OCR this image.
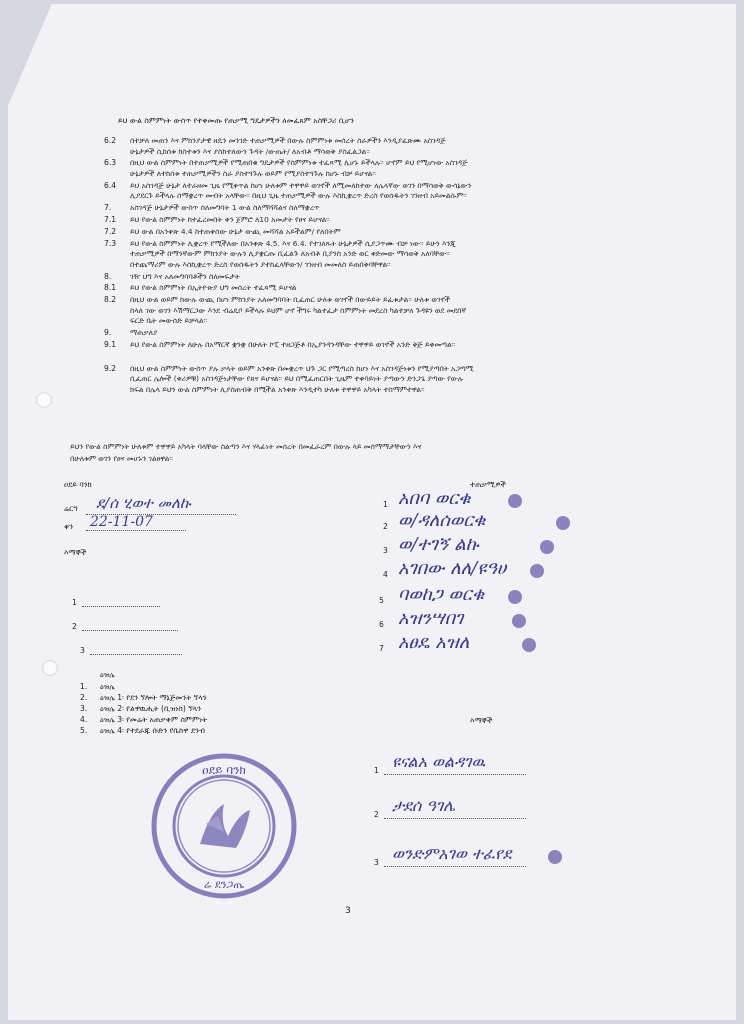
ይህ ውል ስምምነት ውስጥ የተቀመጡ የጠቃሚ ግዴታዎችን ለመፈጸም አስቸጋሪ ቢሆን
6.2 በተቻለ መጠን እና ምክንያታዊ ዘዴን መንገድ ተጠቃሚዎች በውሉ ስምምነቱ መሰረት ስራዎችን እንዲያፈጽሙ አስገዳጅ
ሁኔታዎች ሲከሰቱ ክስተቱን እና ያስከተለውን ጉዳት /ውጤት/ ለአብቶ ማሳወቅ ያስፈልጋል፡፡
6.3 በዚህ ውል ስምምነት በተጠቃሚዎች የሚጠበቁ ግዴታዎች የስምምነቱ ተፈጻሚ ሊሆኑ ይችላሉ፡፡ ሆኖም ይህ የሚሆነው አስገዳጅ
ሁኔታዎች ለተከሰቱ ተጠቃሚዎችን ስራ ያስተጓጉሉ ወይም የሚያስተጓጉሉ ከሆኑ ብቻ ይሆናል፡፡
6.4 ይህ አስገዳጅ ሁኔታ ለተራዘመ ጊዜ የሚቀጥል ከሆነ ሁለቱም ተዋዋይ ወገኖች ለሚመለከተው ለሌላኛው ወገን በማሳወቅ ውሳኔውን
ሊያደርጉ ይችላሉ ሰማቋረጥ መብት አላቸው፡፡ በዚህ ጊዜ ተጠቃሚዎች ውሉ እስኪቋረጥ ድረስ የወሰዱትን ገንዘብ አይመልሱም፡፡
7.	አስገዳጅ ሁኔታዎች ውስጥ ስለመግባት 1 ውል ስለማሻሻልና ስለማቋረጥ
7.1 ይህ የውል ስምምነት ከተፈረመበት ቀን ጀምሮ ለ10 አመታት የፀና ይሆናል፡፡
7.2 ይህ ውል በአንቀጽ 4.4 ከተጠቀሰው ሁኔታ ውጪ መሻሻል አይችልም/ የለበትም
7.3 ይህ የውል ስምምነት ሊቋረጥ የሚችለው በአንቀጽ 4.5. እና 6.4. የተገለጹት ሁኔታዎች ሲያጋጥሙ ብቻ ነው፡፡ ይሁን እንጂ
ተጠቃሚዎች በማንኛውም ምክንያት ውሉን ሊያቋርጡ ቢፈልጉ ለአብቶ ቢያንስ አንድ ወር ቀድመው ማሳወቅ አለባቸው፡፡
በተጨማሪም ውሉ እስኪቋረጥ ድረስ የወሰዱትን ያተከፈላቸውን/ ገንዘብ መመለስ ይጠበቅባቸዋል፡፡
8.	ገዥ ህግ እና አለመግባባቶችን ስለመፍታት
8.1 ይህ የውል ስምምነት በኢትዮጵያ ህግ መሰረት ተፈጻሚ ይሆናል
8.2 በዚህ ውል ወይም ከውሉ ውጪ በሆነ ምክንያት አለመግባባት ቢፈጠር ሁለቱ ወገኖች በውይይት ይፈቱታል፡፡ ሁለቱ ወገኖች
ስላለ ገው ወገን እሽማርጋው እንደ ብሬዴቦ ይችላሉ ይህም ሆኖ ችግሩ ካልተፈታ ስምምነት መደረስ ካልተቻለ ጉዳዩን ወደ መደበኛ
ፍርድ ቤት መውሰድ ይቻላል፡፡
9.	ማጠቃለያ
9.1 ይህ የውል ስምምነት ለሁሉ በአማርኛ ቋንቋ በሁለት ኮፒ ተዘጋጅቶ በኢያንዳንዳቸው ተዋዋይ ወገኖች አንድ ቅጅ ይቀመጣል፡፡
9.2 በዚህ ውል ስምምነት ውስጥ ያሉ ቃላት ወይም አንቀጽ በመቋረጥ ህጉ ጋር የሚጣረስ ከሆነ እና አስገዳጅነቱን የሚያጣበት አጋጣሚ
ቢፈጠር ሌሎች (ቀሪዎቹ) አስገዳጅነታቸው የጸና ይሆናል፡፡ ይህ በሚፈጠርበት ጊዜም ተቀባይነት ያጣውን ድንጋጌ ያጣው የውሉ
ክፍል በሌላ ይህን ውል ስምምነት ሊያስጠብቅ በሚችል አንቀጽ እንዲተካ ሁለቱ ተዋዋይ አካላት ተስማምተዋል፡፡
ይህን የውል ስምምነት ሁለቱም ተዋዋይ አካላት ባላቸው ስልጣን እና ሃላፊነት መሰረት በመፈራረም በውሉ ላይ መስማማታቸውን እና
በሁለቱም ወገን የፀና መሆኑን ገልፀዋል፡፡
ዐደይ ባንክ
ሬርግ ደ/ሰ ሂወተ መለኩ
ቀን 22-11-07
እማኞች
1
2
3
ተጠቃሚዎች
1 አበባ ወርቁ
2 ወ/ዳለሰወርቁ
3 ወ/ተገኝ ልኩ
4 አገበው ለለ/ዩዓሀ
5 ባወከጋ ወርቁ
6 አዝንሣበገ
7 አፀዴ አዝለ
ዕዝሌ
1. ዕዝሌ
2. ዕዝሌ 1፡ የደን ኘሎት ማኔጅመንት ኘላን
3. ዕዝሌ 2፡ የልዋዉሒት (ቢዝነስ) ኘላን
4. ዕዝሌ 3፡ የመሬት አጠቃቀም ስምምነት
5. ዕዝሌ 4፡ የተደራጁ ቡድን የቤከዋ ደንብ
እማኞች
1 ዩናልአ ወልዳገዉ
2 ታደሰ ዓገሌ
3 ወንድምአገወ ተፈየደ
ዐደይ ባንክ
ሬ ደንጋጤ
3
